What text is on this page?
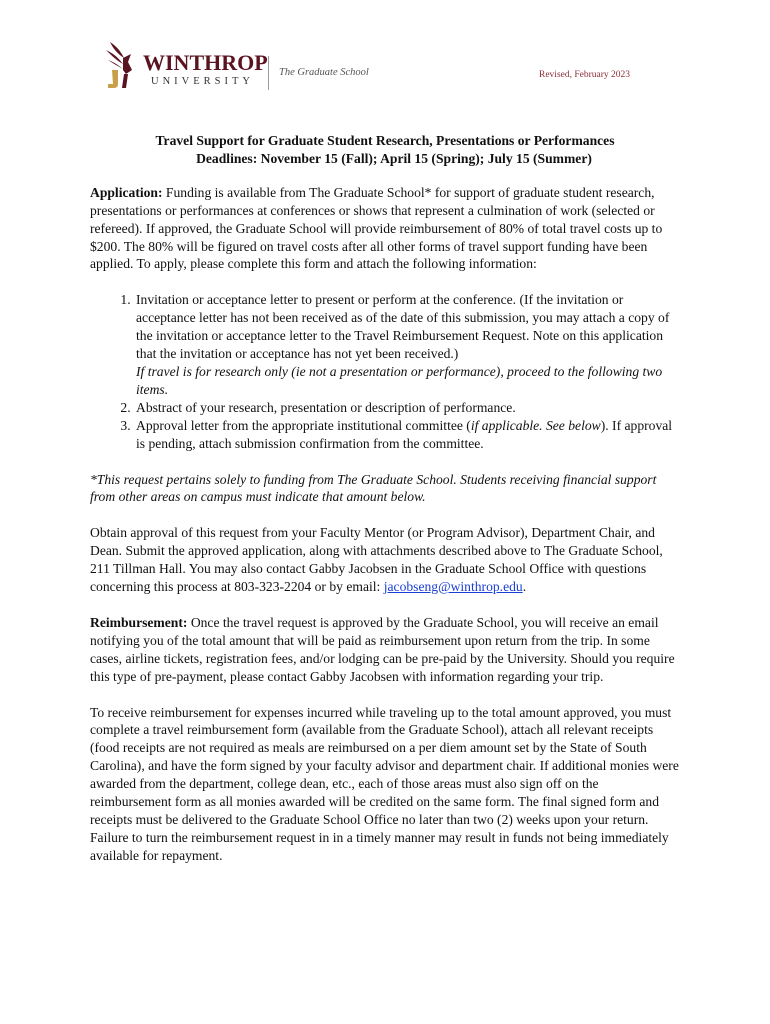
WINTHROP
UNIVERSITY
The Graduate School	Revised, February 2023
Travel Support for Graduate Student Research, Presentations or Performances
Deadlines: November 15 (Fall); April 15 (Spring); July 15 (Summer)

Application: Funding is available from The Graduate School* for support of graduate student research, presentations or performances at conferences or shows that represent a culmination of work (selected or refereed). If approved, the Graduate School will provide reimbursement of 80% of total travel costs up to $200. The 80% will be figured on travel costs after all other forms of travel support funding have been applied. To apply, please complete this form and attach the following information:

1. Invitation or acceptance letter to present or perform at the conference. (If the invitation or acceptance letter has not been received as of the date of this submission, you may attach a copy of the invitation or acceptance letter to the Travel Reimbursement Request. Note on this application that the invitation or acceptance has not yet been received.)
If travel is for research only (ie not a presentation or performance), proceed to the following two items.
2. Abstract of your research, presentation or description of performance.
3. Approval letter from the appropriate institutional committee (if applicable. See below). If approval is pending, attach submission confirmation from the committee.

*This request pertains solely to funding from The Graduate School. Students receiving financial support from other areas on campus must indicate that amount below.

Obtain approval of this request from your Faculty Mentor (or Program Advisor), Department Chair, and Dean. Submit the approved application, along with attachments described above to The Graduate School, 211 Tillman Hall. You may also contact Gabby Jacobsen in the Graduate School Office with questions concerning this process at 803-323-2204 or by email: jacobseng@winthrop.edu.

Reimbursement: Once the travel request is approved by the Graduate School, you will receive an email notifying you of the total amount that will be paid as reimbursement upon return from the trip. In some cases, airline tickets, registration fees, and/or lodging can be pre-paid by the University. Should you require this type of pre-payment, please contact Gabby Jacobsen with information regarding your trip.

To receive reimbursement for expenses incurred while traveling up to the total amount approved, you must complete a travel reimbursement form (available from the Graduate School), attach all relevant receipts (food receipts are not required as meals are reimbursed on a per diem amount set by the State of South Carolina), and have the form signed by your faculty advisor and department chair. If additional monies were awarded from the department, college dean, etc., each of those areas must also sign off on the reimbursement form as all monies awarded will be credited on the same form. The final signed form and receipts must be delivered to the Graduate School Office no later than two (2) weeks upon your return. Failure to turn the reimbursement request in in a timely manner may result in funds not being immediately available for repayment.
